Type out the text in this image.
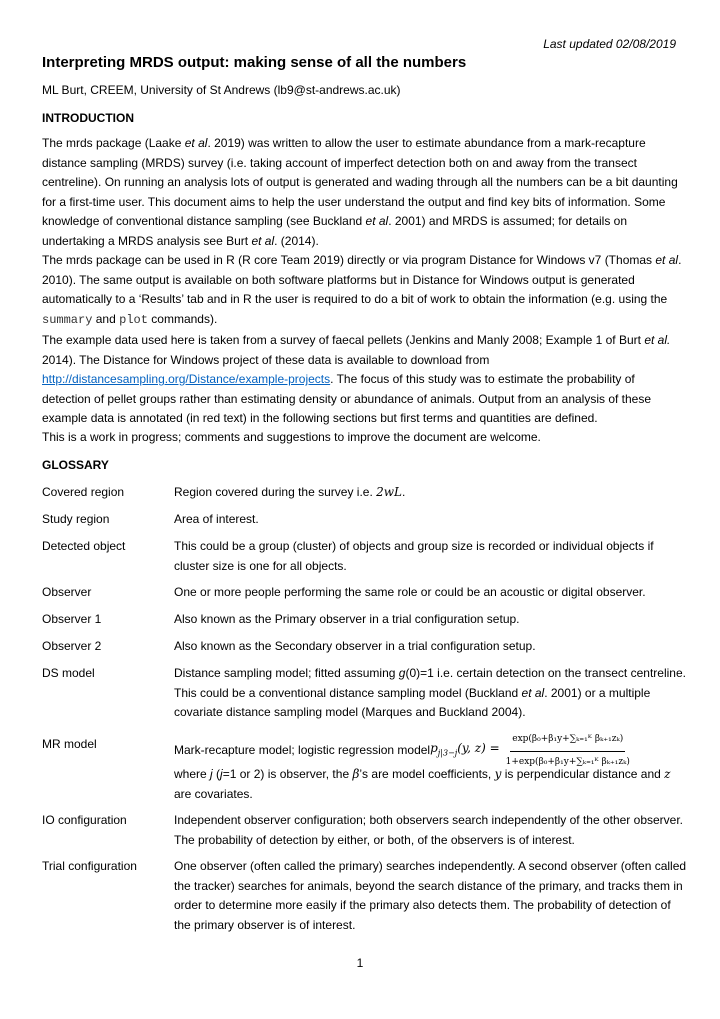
Last updated 02/08/2019
Interpreting MRDS output: making sense of all the numbers
ML Burt, CREEM, University of St Andrews (lb9@st-andrews.ac.uk)
INTRODUCTION

The mrds package (Laake et al. 2019) was written to allow the user to estimate abundance from a mark-recapture distance sampling (MRDS) survey (i.e. taking account of imperfect detection both on and away from the transect centreline). On running an analysis lots of output is generated and wading through all the numbers can be a bit daunting for a first-time user. This document aims to help the user understand the output and find key bits of information. Some knowledge of conventional distance sampling (see Buckland et al. 2001) and MRDS is assumed; for details on undertaking a MRDS analysis see Burt et al. (2014).

The mrds package can be used in R (R core Team 2019) directly or via program Distance for Windows v7 (Thomas et al. 2010). The same output is available on both software platforms but in Distance for Windows output is generated automatically to a ‘Results’ tab and in R the user is required to do a bit of work to obtain the information (e.g. using the summary and plot commands).

The example data used here is taken from a survey of faecal pellets (Jenkins and Manly 2008; Example 1 of Burt et al. 2014). The Distance for Windows project of these data is available to download from http://distancesampling.org/Distance/example-projects. The focus of this study was to estimate the probability of detection of pellet groups rather than estimating density or abundance of animals. Output from an analysis of these example data is annotated (in red text) in the following sections but first terms and quantities are defined.

This is a work in progress; comments and suggestions to improve the document are welcome.

GLOSSARY
Covered region	Region covered during the survey i.e. 2wL.
Study region	Area of interest.
Detected object	This could be a group (cluster) of objects and group size is recorded or individual objects if cluster size is one for all objects.
Observer	One or more people performing the same role or could be an acoustic or digital observer.
Observer 1	Also known as the Primary observer in a trial configuration setup.
Observer 2	Also known as the Secondary observer in a trial configuration setup.
DS model	Distance sampling model; fitted assuming g(0)=1 i.e. certain detection on the transect centreline. This could be a conventional distance sampling model (Buckland et al. 2001) or a multiple covariate distance sampling model (Marques and Buckland 2004).
MR model	Mark-recapture model; logistic regression model $p_{j|3-j}(y$, $z) = \frac{\text{exp(β₀+β₁y+∑ₖ₌₁ᴷ βₖ₊₁zₖ)}}{\text{1+exp(β₀+β₁y+∑ₖ₌₁ᴷ βₖ₊₁zₖ)}}$
where j (j=1 or 2) is observer, the β’s are model coefficients, y is perpendicular distance and z are covariates.
IO configuration	Independent observer configuration; both observers search independently of the other observer. The probability of detection by either, or both, of the observers is of interest.
Trial configuration	One observer (often called the primary) searches independently. A second observer (often called the tracker) searches for animals, beyond the search distance of the primary, and tracks them in order to determine more easily if the primary also detects them. The probability of detection of the primary observer is of interest.
1
